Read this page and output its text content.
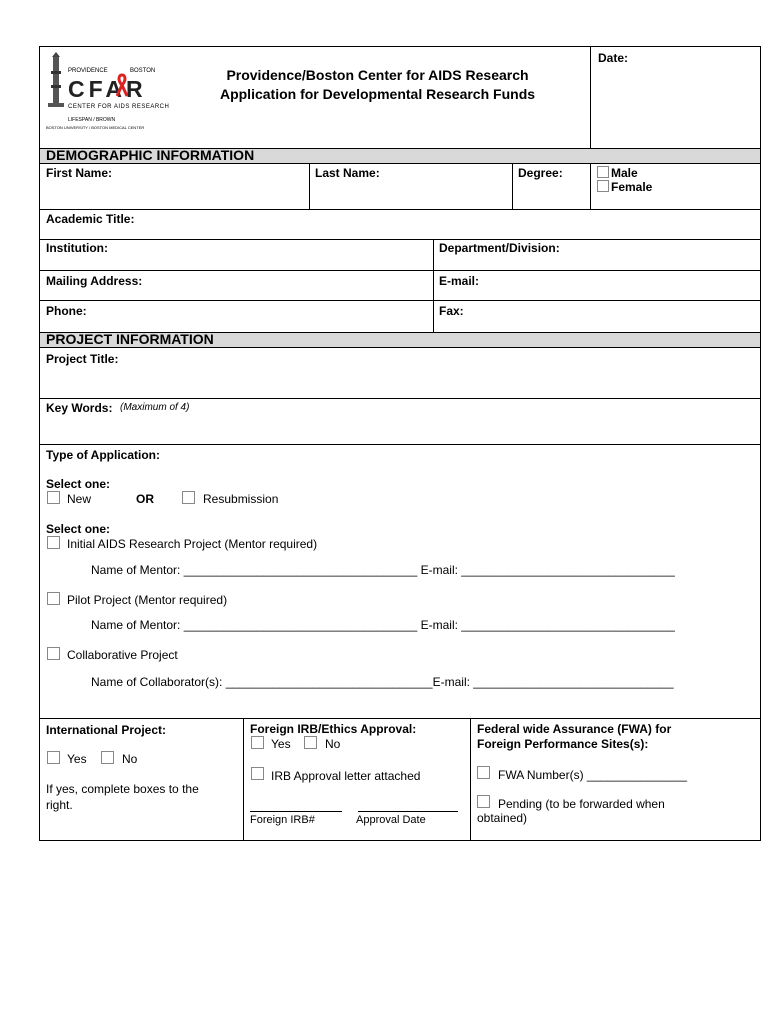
PROVIDENCE	BOSTON
CFAR
CENTER FOR AIDS RESEARCH
LIFESPAN / BROWN
BOSTON UNIVERSITY / BOSTON MEDICAL CENTER
Providence/Boston Center for AIDS Research
Application for Developmental Research Funds
Date:
DEMOGRAPHIC INFORMATION
First Name:	Last Name:	Degree:	Male
Female
Academic Title:
Institution:	Department/Division:
Mailing Address:	E-mail:
Phone:	Fax:
PROJECT INFORMATION
Project Title:
Key Words: (Maximum of 4)
Type of Application:
Select one:
New	OR	Resubmission
Select one:
Initial AIDS Research Project (Mentor required)
Name of Mentor: ___________________________________ E-mail: ________________________________
Pilot Project (Mentor required)
Name of Mentor: ___________________________________ E-mail: ________________________________
Collaborative Project
Name of Collaborator(s): _______________________________E-mail: ______________________________
International Project:
Yes	No
If yes, complete boxes to the right.
Foreign IRB/Ethics Approval:
Yes	No
IRB Approval letter attached
Foreign IRB#	Approval Date
Federal wide Assurance (FWA) for
Foreign Performance Sites(s):
FWA Number(s) _______________
Pending (to be forwarded when
obtained)
